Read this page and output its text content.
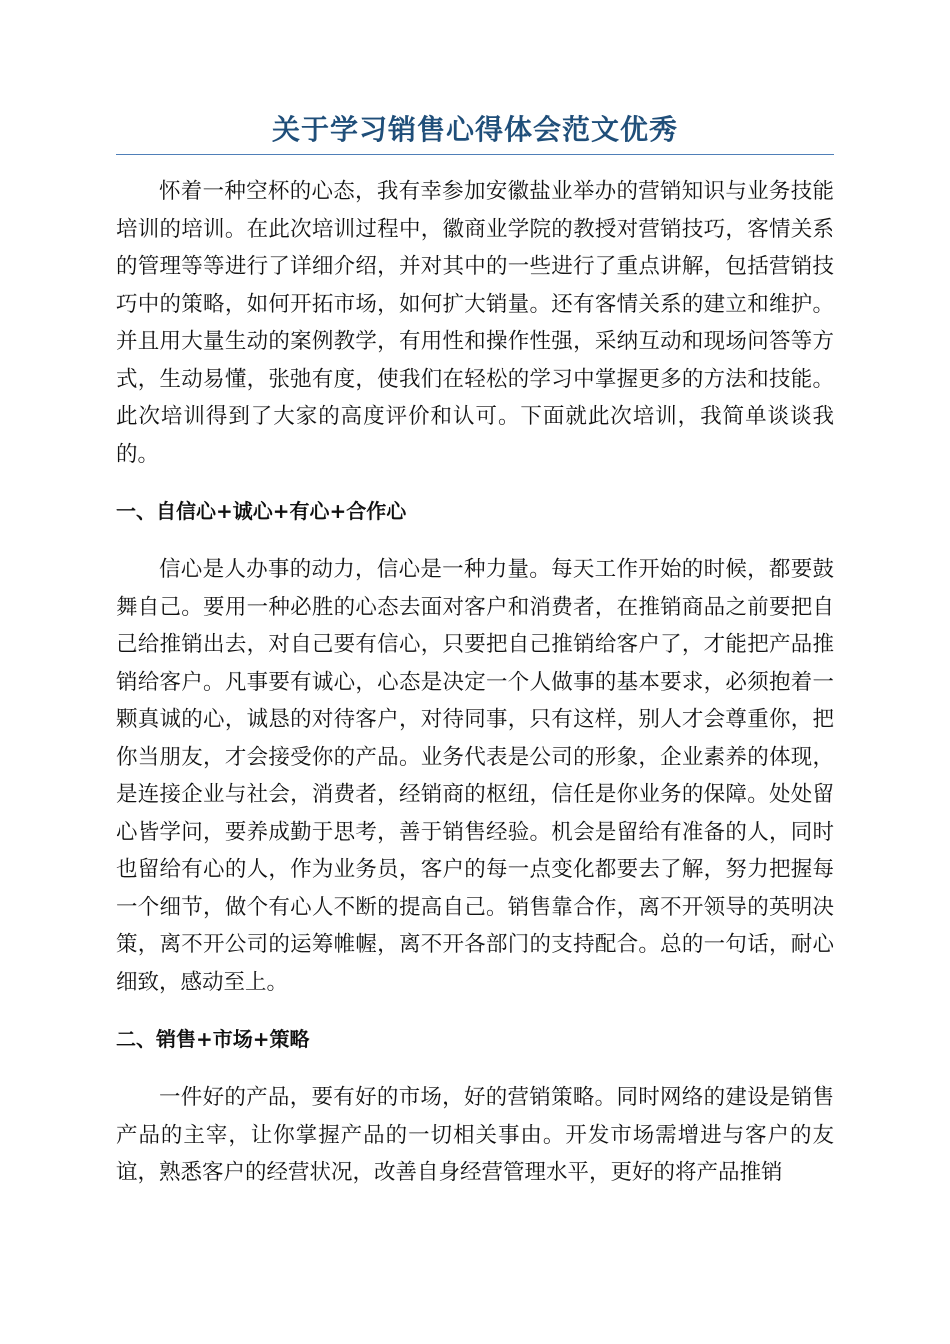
关于学习销售心得体会范文优秀

怀着一种空杯的心态，我有幸参加安徽盐业举办的营销知识与业务技能培训的培训。在此次培训过程中，徽商业学院的教授对营销技巧，客情关系的管理等等进行了详细介绍，并对其中的一些进行了重点讲解，包括营销技巧中的策略，如何开拓市场，如何扩大销量。还有客情关系的建立和维护。并且用大量生动的案例教学，有用性和操作性强，采纳互动和现场问答等方式，生动易懂，张弛有度，使我们在轻松的学习中掌握更多的方法和技能。此次培训得到了大家的高度评价和认可。下面就此次培训，我简单谈谈我的。

一、自信心+诚心+有心+合作心

信心是人办事的动力，信心是一种力量。每天工作开始的时候，都要鼓舞自己。要用一种必胜的心态去面对客户和消费者，在推销商品之前要把自己给推销出去，对自己要有信心，只要把自己推销给客户了，才能把产品推销给客户。凡事要有诚心，心态是决定一个人做事的基本要求，必须抱着一颗真诚的心，诚恳的对待客户，对待同事，只有这样，别人才会尊重你，把你当朋友，才会接受你的产品。业务代表是公司的形象，企业素养的体现，是连接企业与社会，消费者，经销商的枢纽，信任是你业务的保障。处处留心皆学问，要养成勤于思考，善于销售经验。机会是留给有准备的人，同时也留给有心的人，作为业务员，客户的每一点变化都要去了解，努力把握每一个细节，做个有心人不断的提高自己。销售靠合作，离不开领导的英明决策，离不开公司的运筹帷幄，离不开各部门的支持配合。总的一句话，耐心细致，感动至上。

二、销售+市场+策略

一件好的产品，要有好的市场，好的营销策略。同时网络的建设是销售产品的主宰，让你掌握产品的一切相关事由。开发市场需增进与客户的友谊，熟悉客户的经营状况，改善自身经营管理水平，更好的将产品推销
